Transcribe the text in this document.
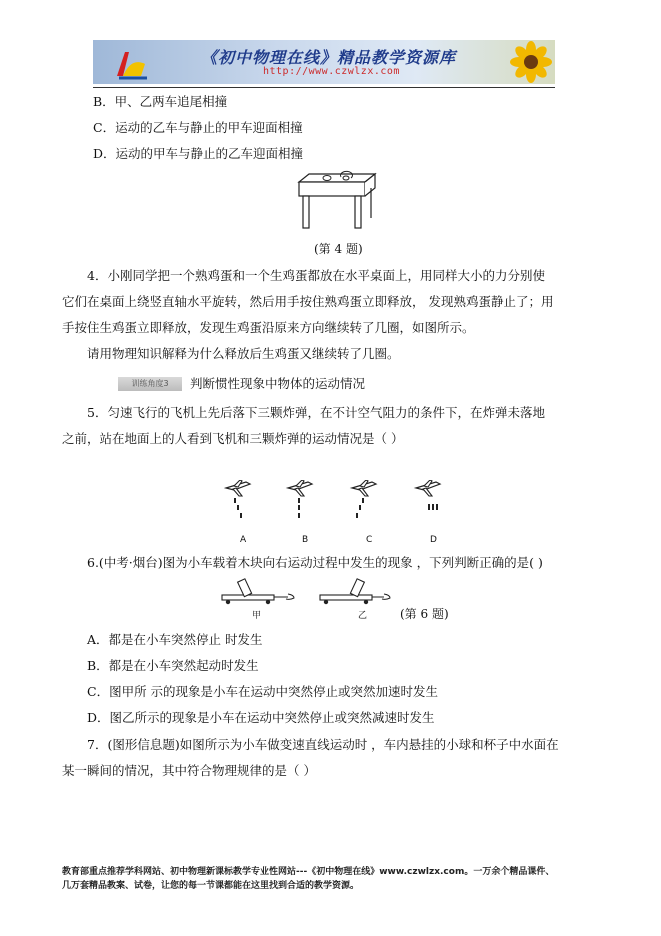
《初中物理在线》精品教学资源库
http://www.czwlzx.com
B．甲、乙两车追尾相撞
C．运动的乙车与静止的甲车迎面相撞
D．运动的甲车与静止的乙车迎面相撞
(第 4 题)
4．小刚同学把一个熟鸡蛋和一个生鸡蛋都放在水平桌面上，用同样大小的力分别使
它们在桌面上绕竖直轴水平旋转，然后用手按住熟鸡蛋立即释放， 发现熟鸡蛋静止了；用
手按住生鸡蛋立即释放，发现生鸡蛋沿原来方向继续转了几圈，如图所示。
请用物理知识解释为什么释放后生鸡蛋又继续转了几圈。
训练角度3	判断惯性现象中物体的运动情况
5．匀速飞行的飞机上先后落下三颗炸弹，在不计空气阻力的条件下，在炸弹未落地
之前，站在地面上的人看到飞机和三颗炸弹的运动情况是（ ）
A	B	C	D
6.(中考·烟台)图为小车载着木块向右运动过程中发生的现象 ，下列判断正确的是( )
甲	乙	(第 6 题)
A．都是在小车突然停止 时发生
B．都是在小车突然起动时发生
C．图甲所 示的现象是小车在运动中突然停止或突然加速时发生
D．图乙所示的现象是小车在运动中突然停止或突然减速时发生
7．(图形信息题)如图所示为小车做变速直线运动时 ，车内悬挂的小球和杯子中水面在
某一瞬间的情况，其中符合物理规律的是（ ）
教育部重点推荐学科网站、初中物理新课标教学专业性网站---《初中物理在线》www.czwlzx.com。一万余个精品课件、
几万套精品教案、试卷，让您的每一节课都能在这里找到合适的教学资源。
